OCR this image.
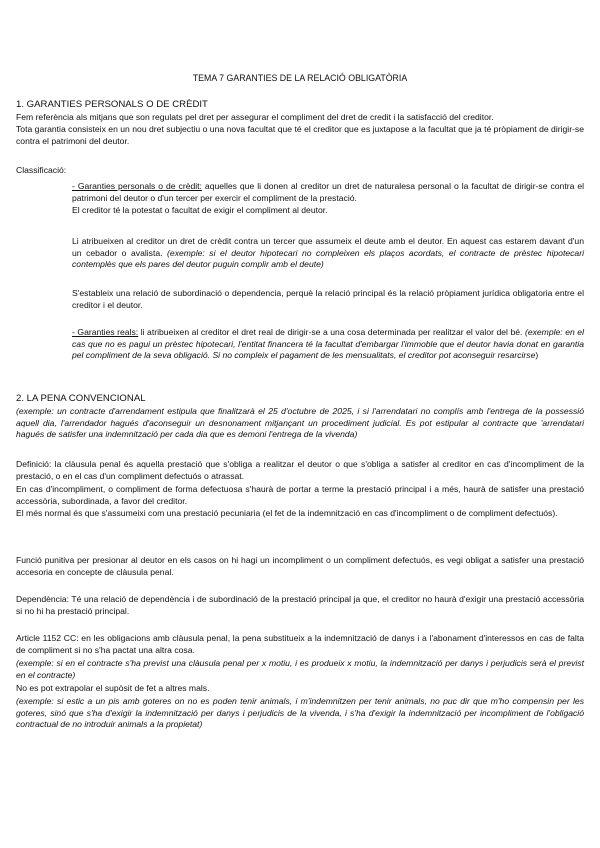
TEMA 7 GARANTIES DE LA RELACIÓ OBLIGATÒRIA
1. GARANTIES PERSONALS O DE CRÈDIT
Fem referència als mitjans que son regulats pel dret per assegurar el compliment del dret de credit i la satisfacció del creditor.
Tota garantia consisteix en un nou dret subjectiu o una nova facultat que té el creditor que es juxtapose a la facultat que ja té pròpiament de dirigir-se contra el patrimoni del deutor.
Classificació:
- Garanties personals o de crèdit: aquelles que li donen al creditor un dret de naturalesa personal o la facultat de dirigir-se contra el patrimoni del deutor o d'un tercer per exercir el compliment de la prestació.
El creditor té la potestat o facultat de exigir el compliment al deutor.
Li atribueixen al creditor un dret de crèdit contra un tercer que assumeix el deute amb el deutor. En aquest cas estarem davant d'un un cebador o avalista. (exemple: si el deutor hipotecari no compleixen els plaços acordats, el contracte de prèstec hipotecari contemplès que els pares del deutor puguin complir amb el deute)
S'estableix una relació de subordinació o dependencia, perquè la relació principal és la relació pròpiament jurídica obligatoria entre el creditor i el deutor.
- Garanties reals: li atribueixen al creditor el dret real de dirigir-se a una cosa determinada per realitzar el valor del bé. (exemple: en el cas que no es pagui un prèstec hipotecari, l'entitat financera té la facultat d'embargar l'immoble que el deutor havia donat en garantia pel compliment de la seva obligació. Si no compleix el pagament de les mensualitats, el creditor pot aconseguir resarcirse)
2. LA PENA CONVENCIONAL
(exemple: un contracte d'arrendament estipula que finalitzarà el 25 d'octubre de 2025, i si l'arrendatari no complís amb l'entrega de la possessió aquell dia, l'arrendador hagués d'aconseguir un desnonament mitjançant un procediment judicial. Es pot estipular al contracte que 'arrendatari hagués de satisfer una indemnització per cada dia que es demoni l'entrega de la vivenda)
Definició: la clàusula penal és aquella prestació que s'obliga a realitzar el deutor o que s'obliga a satisfer al creditor en cas d'incompliment de la prestació, o en el cas d'un compliment defectuós o atrassat.
En cas d'incompliment, o compliment de forma defectuosa s'haurà de portar a terme la prestació principal i a més, haurà de satisfer una prestació accessòria, subordinada, a favor del creditor.
El més normal és que s'assumeixi com una prestació pecuniaria (el fet de la indemnització en cas d'incompliment o de compliment defectuós).
Funció punitiva per presionar al deutor en els casos on hi hagi un incompliment o un compliment defectuós, es vegi obligat a satisfer una prestació accesoria en concepte de clàusula penal.
Dependència: Té una relació de dependència i de subordinació de la prestació principal ja que, el creditor no haurà d'exigir una prestació accessòria si no hi ha prestació principal.
Article 1152 CC: en les obligacions amb clàusula penal, la pena substitueix a la indemnització de danys i a l'abonament d'interessos en cas de falta de compliment si no s'ha pactat una altra cosa.
(exemple: si en el contracte s'ha previst una clàusula penal per x motiu, i es produeix x motiu, la indemnització per danys i perjudicis serà el previst en el contracte)
No es pot extrapolar el supòsit de fet a altres mals.
(exemple: si estic a un pis amb goteres on no es poden tenir animals, i m'indemnitzen per tenir animals, no puc dir que m'ho compensin per les goteres, sinó que s'ha d'exigir la indemnització per danys i perjudicis de la vivenda, i s'ha d'exigir la indemnització per incompliment de l'obligació contractual de no introduir animals a la propietat)
